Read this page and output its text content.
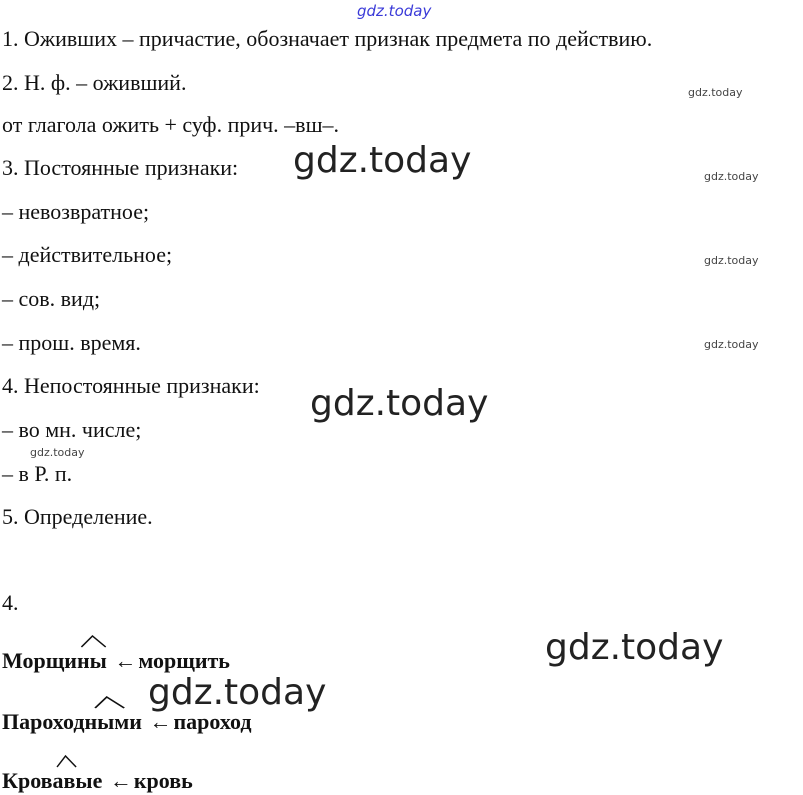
gdz.today
1. Оживших – причастие, обозначает признак предмета по действию.
2. Н. ф. – оживший.
от глагола ожить + суф. прич. –вш–.
3. Постоянные признаки:
– невозвратное;
– действительное;
– сов. вид;
– прош. время.
4. Непостоянные признаки:
– во мн. числе;
– в Р. п.
5. Определение.
4.
Морщины ←морщить
Пароходными ←пароход
Кровавые ←кровь
gdz.today
gdz.today
gdz.today
gdz.today
gdz.today
gdz.today
gdz.today
gdz.today
gdz.today
